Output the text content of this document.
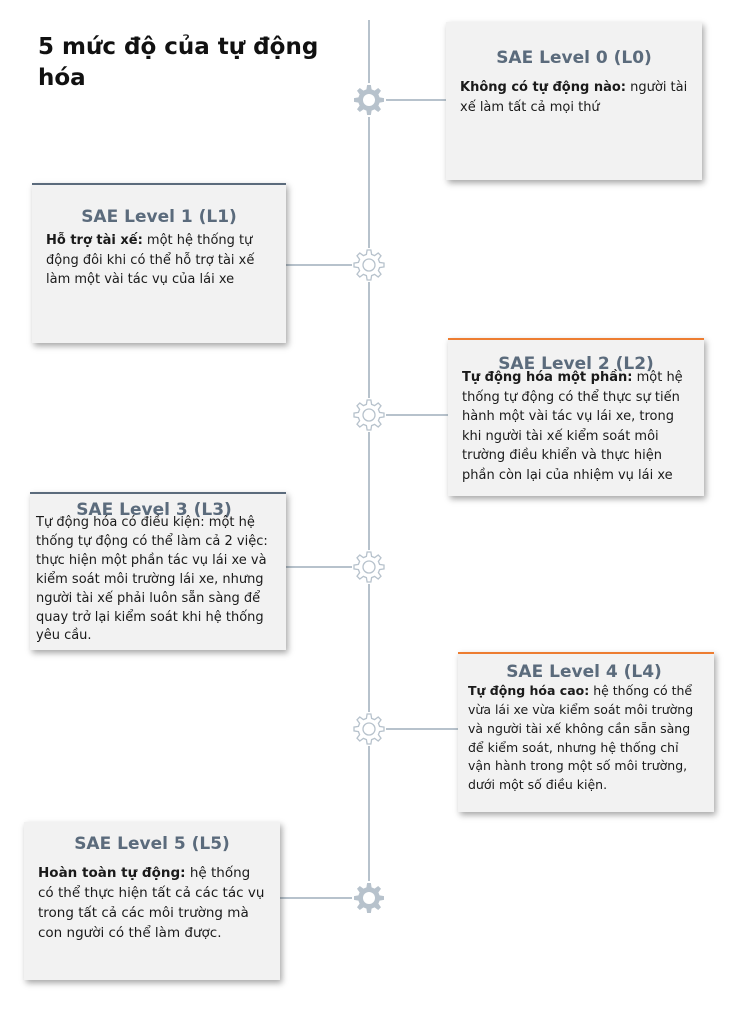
5 mức độ của tự động hóa
SAE Level 0 (L0)
Không có tự động nào: người tài xế làm tất cả mọi thứ
SAE Level 1 (L1)
Hỗ trợ tài xế: một hệ thống tự động đôi khi có thể hỗ trợ tài xế làm một vài tác vụ của lái xe
SAE Level 2 (L2)
Tự động hóa một phần: một hệ thống tự động có thể thực sự tiến hành một vài tác vụ lái xe, trong khi người tài xế kiểm soát môi trường điều khiển và thực hiện phần còn lại của nhiệm vụ lái xe
SAE Level 3 (L3)
Tự động hóa có điều kiện: một hệ thống tự động có thể làm cả 2 việc: thực hiện một phần tác vụ lái xe và kiểm soát môi trường lái xe, nhưng người tài xế phải luôn sẵn sàng để quay trở lại kiểm soát khi hệ thống yêu cầu.
SAE Level 4 (L4)
Tự động hóa cao: hệ thống có thể vừa lái xe vừa kiểm soát môi trường và người tài xế không cần sẵn sàng để kiểm soát, nhưng hệ thống chỉ vận hành trong một số môi trường, dưới một số điều kiện.
SAE Level 5 (L5)
Hoàn toàn tự động: hệ thống có thể thực hiện tất cả các tác vụ trong tất cả các môi trường mà con người có thể làm được.
